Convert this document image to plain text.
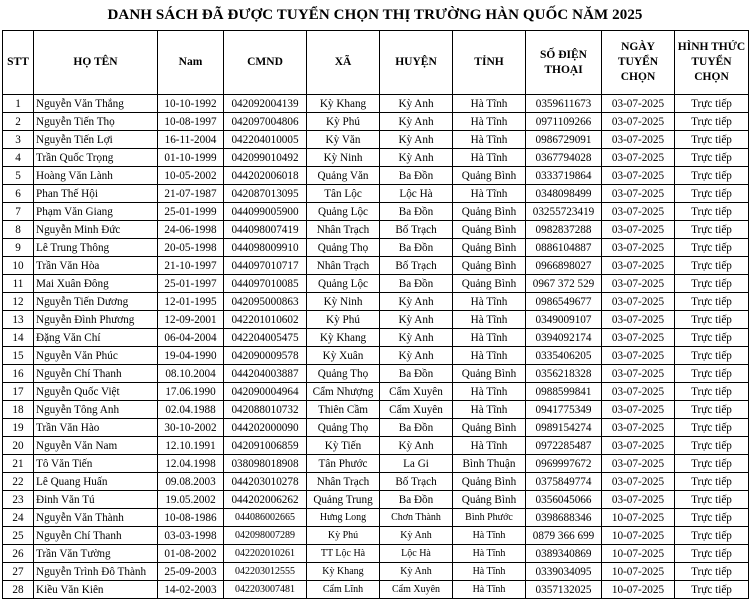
DANH SÁCH ĐÃ ĐƯỢC TUYỂN CHỌN THỊ TRƯỜNG HÀN QUỐC NĂM 2025
STT	HỌ TÊN	Nam	CMND	XÃ	HUYỆN	TỈNH	SỐ ĐIỆN THOẠI	NGÀY TUYỂN CHỌN	HÌNH THỨC TUYỂN CHỌN
1	Nguyễn Văn Thắng	10-10-1992	042092004139	Kỳ Khang	Kỳ Anh	Hà Tĩnh	0359611673	03-07-2025	Trực tiếp
2	Nguyễn Tiến Thọ	10-08-1997	042097004806	Kỳ Phú	Kỳ Anh	Hà Tĩnh	0971109266	03-07-2025	Trực tiếp
3	Nguyễn Tiến Lợi	16-11-2004	042204010005	Kỳ Văn	Kỳ Anh	Hà Tĩnh	0986729091	03-07-2025	Trực tiếp
4	Trần Quốc Trọng	01-10-1999	042099010492	Kỳ Ninh	Kỳ Anh	Hà Tĩnh	0367794028	03-07-2025	Trực tiếp
5	Hoàng Văn Lành	10-05-2002	044202006018	Quảng Văn	Ba Đồn	Quảng Bình	0333719864	03-07-2025	Trực tiếp
6	Phan Thế Hội	21-07-1987	042087013095	Tân Lộc	Lộc Hà	Hà Tĩnh	0348098499	03-07-2025	Trực tiếp
7	Phạm Văn Giang	25-01-1999	044099005900	Quảng Lộc	Ba Đồn	Quảng Bình	03255723419	03-07-2025	Trực tiếp
8	Nguyễn Minh Đức	24-06-1998	044098007419	Nhân Trạch	Bố Trạch	Quảng Bình	0982837288	03-07-2025	Trực tiếp
9	Lê Trung Thông	20-05-1998	044098009910	Quảng Thọ	Ba Đồn	Quảng Bình	0886104887	03-07-2025	Trực tiếp
10	Trần Văn Hòa	21-10-1997	044097010717	Nhân Trạch	Bố Trạch	Quảng Bình	0966898027	03-07-2025	Trực tiếp
11	Mai Xuân Đông	25-01-1997	044097010085	Quảng Lộc	Ba Đồn	Quảng Bình	0967 372 529	03-07-2025	Trực tiếp
12	Nguyễn Tiến Dương	12-01-1995	042095000863	Kỳ Ninh	Kỳ Anh	Hà Tĩnh	0986549677	03-07-2025	Trực tiếp
13	Nguyễn Đình Phương	12-09-2001	042201010602	Kỳ Phú	Kỳ Anh	Hà Tĩnh	0349009107	03-07-2025	Trực tiếp
14	Đặng Văn Chí	06-04-2004	042204005475	Kỳ Khang	Kỳ Anh	Hà Tĩnh	0394092174	03-07-2025	Trực tiếp
15	Nguyễn Văn Phúc	19-04-1990	042090009578	Kỳ Xuân	Kỳ Anh	Hà Tĩnh	0335406205	03-07-2025	Trực tiếp
16	Nguyễn Chí Thanh	08.10.2004	044204003887	Quảng Thọ	Ba Đồn	Quảng Bình	0356218328	03-07-2025	Trực tiếp
17	Nguyễn Quốc Việt	17.06.1990	042090004964	Cẩm Nhượng	Cẩm Xuyên	Hà Tĩnh	0988599841	03-07-2025	Trực tiếp
18	Nguyễn Tông Anh	02.04.1988	042088010732	Thiên Cầm	Cẩm Xuyên	Hà Tĩnh	0941775349	03-07-2025	Trực tiếp
19	Trần Văn Hào	30-10-2002	044202000090	Quảng Thọ	Ba Đồn	Quảng Bình	0989154274	03-07-2025	Trực tiếp
20	Nguyễn Văn Nam	12.10.1991	042091006859	Kỳ Tiến	Kỳ Anh	Hà Tĩnh	0972285487	03-07-2025	Trực tiếp
21	Tô Văn Tiến	12.04.1998	038098018908	Tân Phước	La Gi	Bình Thuận	0969997672	03-07-2025	Trực tiếp
22	Lê Quang Huấn	09.08.2003	044203010278	Nhân Trạch	Bố Trạch	Quảng Bình	0375849774	03-07-2025	Trực tiếp
23	Đinh Văn Tú	19.05.2002	044202006262	Quảng Trung	Ba Đồn	Quảng Bình	0356045066	03-07-2025	Trực tiếp
24	Nguyễn Văn Thành	10-08-1986	044086002665	Hưng Long	Chơn Thành	Bình Phước	0398688346	10-07-2025	Trực tiếp
25	Nguyễn Chí Thanh	03-03-1998	042098007289	Kỳ Phú	Kỳ Anh	Hà Tĩnh	0879 366 699	10-07-2025	Trực tiếp
26	Trần Văn Tường	01-08-2002	042202010261	TT Lộc Hà	Lộc Hà	Hà Tĩnh	0389340869	10-07-2025	Trực tiếp
27	Nguyễn Trình Đô Thành	25-09-2003	042203012555	Kỳ Khang	Kỳ Anh	Hà Tĩnh	0339034095	10-07-2025	Trực tiếp
28	Kiều Văn Kiên	14-02-2003	042203007481	Cẩm Lĩnh	Cẩm Xuyên	Hà Tĩnh	0357132025	10-07-2025	Trực tiếp
